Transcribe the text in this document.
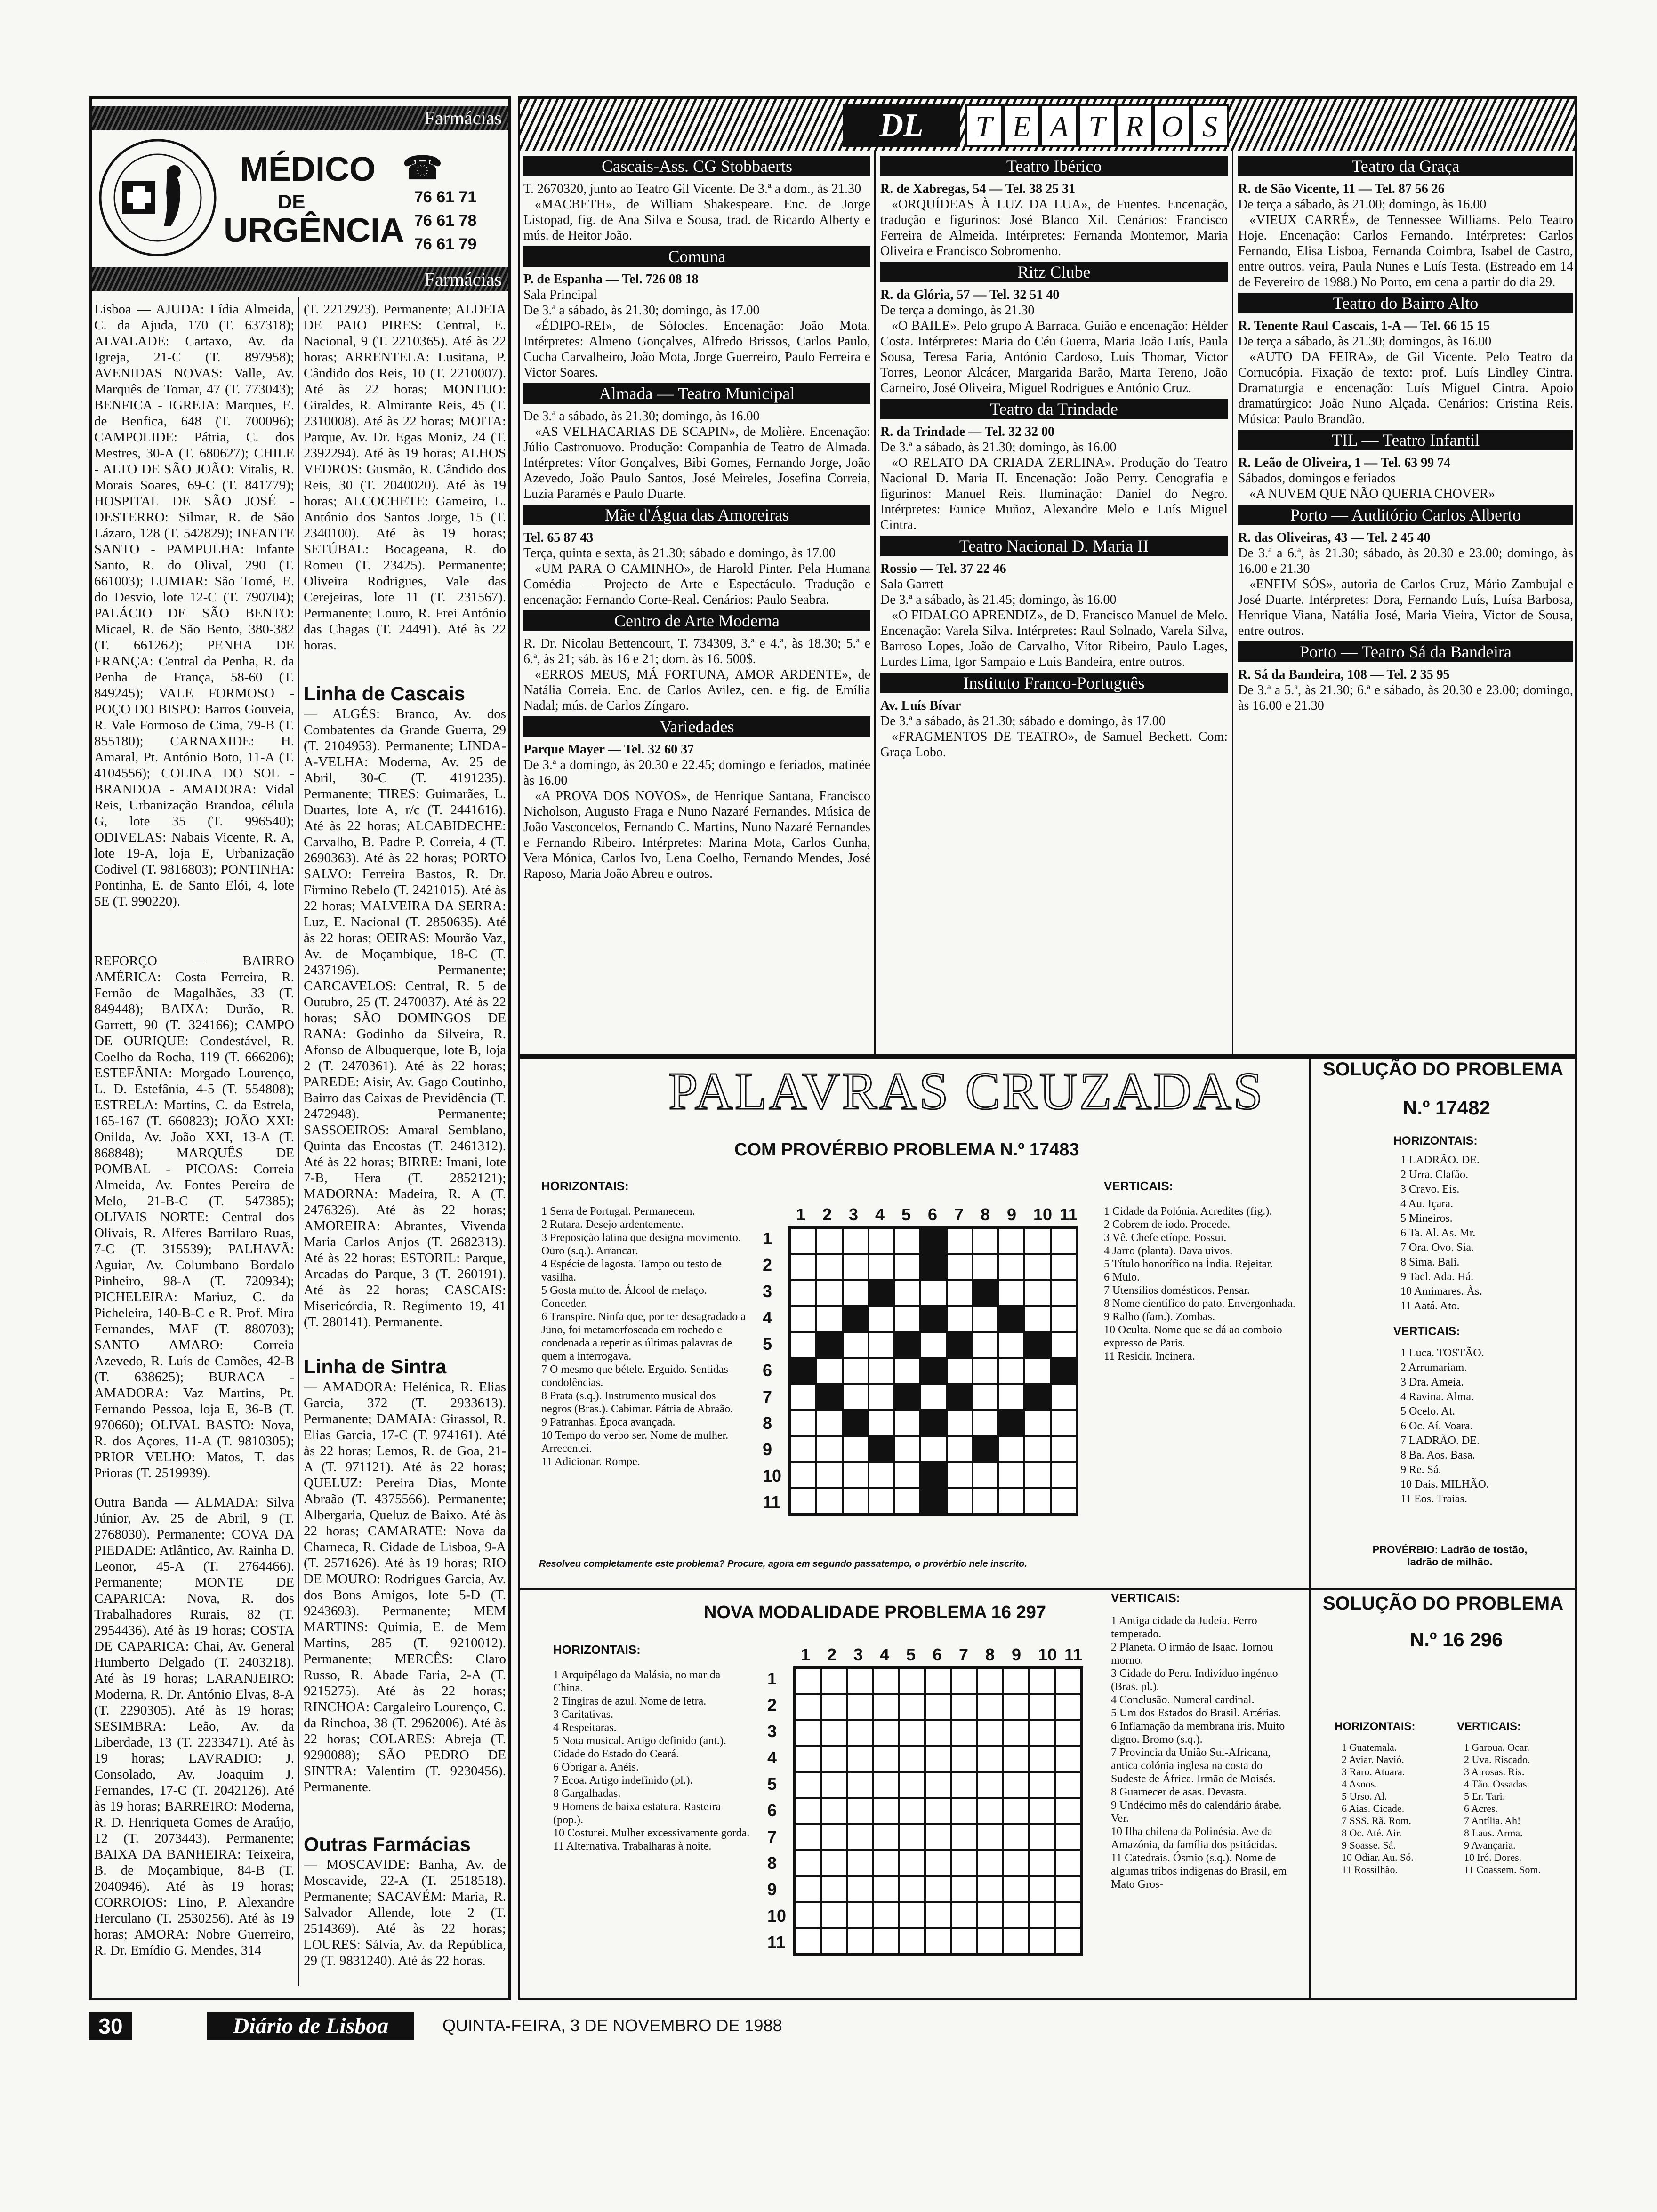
Farmácias
MÉDICO ☎
DE
URGÊNCIA
76 61 71
76 61 78
76 61 79
Farmácias
Lisboa — AJUDA: Lídia Almeida, C. da Ajuda, 170 (T. 637318); ALVALADE: Cartaxo, Av. da Igreja, 21-C (T. 897958); AVENIDAS NOVAS: Valle, Av. Marquês de Tomar, 47 (T. 773043); BENFICA - IGREJA: Marques, E. de Benfica, 648 (T. 700096); CAMPOLIDE: Pátria, C. dos Mestres, 30-A (T. 680627); CHILE - ALTO DE SÃO JOÃO: Vitalis, R. Morais Soares, 69-C (T. 841779); HOSPITAL DE SÃO JOSÉ - DESTERRO: Silmar, R. de São Lázaro, 128 (T. 542829); INFANTE SANTO - PAMPULHA: Infante Santo, R. do Olival, 290 (T. 661003); LUMIAR: São Tomé, E. do Desvio, lote 12-C (T. 790704); PALÁCIO DE SÃO BENTO: Micael, R. de São Bento, 380-382 (T. 661262); PENHA DE FRANÇA: Central da Penha, R. da Penha de França, 58-60 (T. 849245); VALE FORMOSO - POÇO DO BISPO: Barros Gouveia, R. Vale Formoso de Cima, 79-B (T. 855180); CARNAXIDE: H. Amaral, Pt. António Boto, 11-A (T. 4104556); COLINA DO SOL - BRANDOA - AMADORA: Vidal Reis, Urbanização Brandoa, célula G, lote 35 (T. 996540); ODIVELAS: Nabais Vicente, R. A, lote 19-A, loja E, Urbanização Codivel (T. 9816803); PONTINHA: Pontinha, E. de Santo Elói, 4, lote 5E (T. 990220).
REFORÇO — BAIRRO AMÉRICA: Costa Ferreira, R. Fernão de Magalhães, 33 (T. 849448); BAIXA: Durão, R. Garrett, 90 (T. 324166); CAMPO DE OURIQUE: Condestável, R. Coelho da Rocha, 119 (T. 666206); ESTEFÂNIA: Morgado Lourenço, L. D. Estefânia, 4-5 (T. 554808); ESTRELA: Martins, C. da Estrela, 165-167 (T. 660823); JOÃO XXI: Onilda, Av. João XXI, 13-A (T. 868848); MARQUÊS DE POMBAL - PICOAS: Correia Almeida, Av. Fontes Pereira de Melo, 21-B-C (T. 547385); OLIVAIS NORTE: Central dos Olivais, R. Alferes Barrilaro Ruas, 7-C (T. 315539); PALHAVÃ: Aguiar, Av. Columbano Bordalo Pinheiro, 98-A (T. 720934); PICHELEIRA: Mariuz, C. da Picheleira, 140-B-C e R. Prof. Mira Fernandes, MAF (T. 880703); SANTO AMARO: Correia Azevedo, R. Luís de Camões, 42-B (T. 638625); BURACA - AMADORA: Vaz Martins, Pt. Fernando Pessoa, loja E, 36-B (T. 970660); OLIVAL BASTO: Nova, R. dos Açores, 11-A (T. 9810305); PRIOR VELHO: Matos, T. das Prioras (T. 2519939).
Outra Banda — ALMADA: Silva Júnior, Av. 25 de Abril, 9 (T. 2768030). Permanente; COVA DA PIEDADE: Atlântico, Av. Rainha D. Leonor, 45-A (T. 2764466). Permanente; MONTE DE CAPARICA: Nova, R. dos Trabalhadores Rurais, 82 (T. 2954436). Até às 19 horas; COSTA DE CAPARICA: Chai, Av. General Humberto Delgado (T. 2403218). Até às 19 horas; LARANJEIRO: Moderna, R. Dr. António Elvas, 8-A (T. 2290305). Até às 19 horas; SESIMBRA: Leão, Av. da Liberdade, 13 (T. 2233471). Até às 19 horas; LAVRADIO: J. Consolado, Av. Joaquim J. Fernandes, 17-C (T. 2042126). Até às 19 horas; BARREIRO: Moderna, R. D. Henriqueta Gomes de Araújo, 12 (T. 2073443). Permanente; BAIXA DA BANHEIRA: Teixeira, B. de Moçambique, 84-B (T. 2040946). Até às 19 horas; CORROIOS: Lino, P. Alexandre Herculano (T. 2530256). Até às 19 horas; AMORA: Nobre Guerreiro, R. Dr. Emídio G. Mendes, 314
(T. 2212923). Permanente; ALDEIA DE PAIO PIRES: Central, E. Nacional, 9 (T. 2210365). Até às 22 horas; ARRENTELA: Lusitana, P. Cândido dos Reis, 10 (T. 2210007). Até às 22 horas; MONTIJO: Giraldes, R. Almirante Reis, 45 (T. 2310008). Até às 22 horas; MOITA: Parque, Av. Dr. Egas Moniz, 24 (T. 2392294). Até às 19 horas; ALHOS VEDROS: Gusmão, R. Cândido dos Reis, 30 (T. 2040020). Até às 19 horas; ALCOCHETE: Gameiro, L. António dos Santos Jorge, 15 (T. 2340100). Até às 19 horas; SETÚBAL: Bocageana, R. do Romeu (T. 23425). Permanente; Oliveira Rodrigues, Vale das Cerejeiras, lote 11 (T. 231567). Permanente; Louro, R. Frei António das Chagas (T. 24491). Até às 22 horas.
Linha de Cascais
— ALGÉS: Branco, Av. dos Combatentes da Grande Guerra, 29 (T. 2104953). Permanente; LINDA-A-VELHA: Moderna, Av. 25 de Abril, 30-C (T. 4191235). Permanente; TIRES: Guimarães, L. Duartes, lote A, r/c (T. 2441616). Até às 22 horas; ALCABIDECHE: Carvalho, B. Padre P. Correia, 4 (T. 2690363). Até às 22 horas; PORTO SALVO: Ferreira Bastos, R. Dr. Firmino Rebelo (T. 2421015). Até às 22 horas; MALVEIRA DA SERRA: Luz, E. Nacional (T. 2850635). Até às 22 horas; OEIRAS: Mourão Vaz, Av. de Moçambique, 18-C (T. 2437196). Permanente; CARCAVELOS: Central, R. 5 de Outubro, 25 (T. 2470037). Até às 22 horas; SÃO DOMINGOS DE RANA: Godinho da Silveira, R. Afonso de Albuquerque, lote B, loja 2 (T. 2470361). Até às 22 horas; PAREDE: Aisir, Av. Gago Coutinho, Bairro das Caixas de Previdência (T. 2472948). Permanente; SASSOEIROS: Amaral Semblano, Quinta das Encostas (T. 2461312). Até às 22 horas; BIRRE: Imani, lote 7-B, Hera (T. 2852121); MADORNA: Madeira, R. A (T. 2476326). Até às 22 horas; AMOREIRA: Abrantes, Vivenda Maria Carlos Anjos (T. 2682313). Até às 22 horas; ESTORIL: Parque, Arcadas do Parque, 3 (T. 260191). Até às 22 horas; CASCAIS: Misericórdia, R. Regimento 19, 41 (T. 280141). Permanente.
Linha de Sintra
— AMADORA: Helénica, R. Elias Garcia, 372 (T. 2933613). Permanente; DAMAIA: Girassol, R. Elias Garcia, 17-C (T. 974161). Até às 22 horas; Lemos, R. de Goa, 21-A (T. 971121). Até às 22 horas; QUELUZ: Pereira Dias, Monte Abraão (T. 4375566). Permanente; Albergaria, Queluz de Baixo. Até às 22 horas; CAMARATE: Nova da Charneca, R. Cidade de Lisboa, 9-A (T. 2571626). Até às 19 horas; RIO DE MOURO: Rodrigues Garcia, Av. dos Bons Amigos, lote 5-D (T. 9243693). Permanente; MEM MARTINS: Quimia, E. de Mem Martins, 285 (T. 9210012). Permanente; MERCÊS: Claro Russo, R. Abade Faria, 2-A (T. 9215275). Até às 22 horas; RINCHOA: Cargaleiro Lourenço, C. da Rinchoa, 38 (T. 2962006). Até às 22 horas; COLARES: Abreja (T. 9290088); SÃO PEDRO DE SINTRA: Valentim (T. 9230456). Permanente.
Outras Farmácias
— MOSCAVIDE: Banha, Av. de Moscavide, 22-A (T. 2518518). Permanente; SACAVÉM: Maria, R. Salvador Allende, lote 2 (T. 2514369). Até às 22 horas; LOURES: Sálvia, Av. da República, 29 (T. 9831240). Até às 22 horas.
DL	T E A T R O S
Cascais-Ass. CG Stobbaerts
T. 2670320, junto ao Teatro Gil Vicente. De 3.ª a dom., às 21.30
«MACBETH», de William Shakespeare. Enc. de Jorge Listopad, fig. de Ana Silva e Sousa, trad. de Ricardo Alberty e mús. de Heitor João.
Comuna
P. de Espanha — Tel. 726 08 18
Sala Principal
De 3.ª a sábado, às 21.30; domingo, às 17.00
«ÉDIPO-REI», de Sófocles. Encenação: João Mota. Intérpretes: Almeno Gonçalves, Alfredo Brissos, Carlos Paulo, Cucha Carvalheiro, João Mota, Jorge Guerreiro, Paulo Ferreira e Victor Soares.
Almada — Teatro Municipal
De 3.ª a sábado, às 21.30; domingo, às 16.00
«AS VELHACARIAS DE SCAPIN», de Molière. Encenação: Júlio Castronuovo. Produção: Companhia de Teatro de Almada. Intérpretes: Vítor Gonçalves, Bibi Gomes, Fernando Jorge, João Azevedo, João Paulo Santos, José Meireles, Josefina Correia, Luzia Paramés e Paulo Duarte.
Mãe d'Água das Amoreiras
Tel. 65 87 43
Terça, quinta e sexta, às 21.30; sábado e domingo, às 17.00
«UM PARA O CAMINHO», de Harold Pinter. Pela Humana Comédia — Projecto de Arte e Espectáculo. Tradução e encenação: Fernando Corte-Real. Cenários: Paulo Seabra.
Centro de Arte Moderna
R. Dr. Nicolau Bettencourt, T. 734309, 3.ª e 4.ª, às 18.30; 5.ª e 6.ª, às 21; sáb. às 16 e 21; dom. às 16. 500$.
«ERROS MEUS, MÁ FORTUNA, AMOR ARDENTE», de Natália Correia. Enc. de Carlos Avilez, cen. e fig. de Emília Nadal; mús. de Carlos Zíngaro.
Variedades
Parque Mayer — Tel. 32 60 37
De 3.ª a domingo, às 20.30 e 22.45; domingo e feriados, matinée às 16.00
«A PROVA DOS NOVOS», de Henrique Santana, Francisco Nicholson, Augusto Fraga e Nuno Nazaré Fernandes. Música de João Vasconcelos, Fernando C. Martins, Nuno Nazaré Fernandes e Fernando Ribeiro. Intérpretes: Marina Mota, Carlos Cunha, Vera Mónica, Carlos Ivo, Lena Coelho, Fernando Mendes, José Raposo, Maria João Abreu e outros.
Teatro Ibérico
R. de Xabregas, 54 — Tel. 38 25 31
«ORQUÍDEAS À LUZ DA LUA», de Fuentes. Encenação, tradução e figurinos: José Blanco Xil. Cenários: Francisco Ferreira de Almeida. Intérpretes: Fernanda Montemor, Maria Oliveira e Francisco Sobromenho.
Ritz Clube
R. da Glória, 57 — Tel. 32 51 40
De terça a domingo, às 21.30
«O BAILE». Pelo grupo A Barraca. Guião e encenação: Hélder Costa. Intérpretes: Maria do Céu Guerra, Maria João Luís, Paula Sousa, Teresa Faria, António Cardoso, Luís Thomar, Victor Torres, Leonor Alcácer, Margarida Barão, Marta Tereno, João Carneiro, José Oliveira, Miguel Rodrigues e António Cruz.
Teatro da Trindade
R. da Trindade — Tel. 32 32 00
De 3.ª a sábado, às 21.30; domingo, às 16.00
«O RELATO DA CRIADA ZERLINA». Produção do Teatro Nacional D. Maria II. Encenação: João Perry. Cenografia e figurinos: Manuel Reis. Iluminação: Daniel do Negro. Intérpretes: Eunice Muñoz, Alexandre Melo e Luís Miguel Cintra.
Teatro Nacional D. Maria II
Rossio — Tel. 37 22 46
Sala Garrett
De 3.ª a sábado, às 21.45; domingo, às 16.00
«O FIDALGO APRENDIZ», de D. Francisco Manuel de Melo. Encenação: Varela Silva. Intérpretes: Raul Solnado, Varela Silva, Barroso Lopes, João de Carvalho, Vítor Ribeiro, Paulo Lages, Lurdes Lima, Igor Sampaio e Luís Bandeira, entre outros.
Instituto Franco-Português
Av. Luís Bívar
De 3.ª a sábado, às 21.30; sábado e domingo, às 17.00
«FRAGMENTOS DE TEATRO», de Samuel Beckett. Com: Graça Lobo.
Teatro da Graça
R. de São Vicente, 11 — Tel. 87 56 26
De terça a sábado, às 21.00; domingo, às 16.00
«VIEUX CARRÉ», de Tennessee Williams. Pelo Teatro Hoje. Encenação: Carlos Fernando. Intérpretes: Carlos Fernando, Elisa Lisboa, Fernanda Coimbra, Isabel de Castro, entre outros. veira, Paula Nunes e Luís Testa. (Estreado em 14 de Fevereiro de 1988.) No Porto, em cena a partir do dia 29.
Teatro do Bairro Alto
R. Tenente Raul Cascais, 1-A — Tel. 66 15 15
De terça a sábado, às 21.30; domingos, às 16.00
«AUTO DA FEIRA», de Gil Vicente. Pelo Teatro da Cornucópia. Fixação de texto: prof. Luís Lindley Cintra. Dramaturgia e encenação: Luís Miguel Cintra. Apoio dramatúrgico: João Nuno Alçada. Cenários: Cristina Reis. Música: Paulo Brandão.
TIL — Teatro Infantil
R. Leão de Oliveira, 1 — Tel. 63 99 74
Sábados, domingos e feriados
«A NUVEM QUE NÃO QUERIA CHOVER»
Porto — Auditório Carlos Alberto
R. das Oliveiras, 43 — Tel. 2 45 40
De 3.ª a 6.ª, às 21.30; sábado, às 20.30 e 23.00; domingo, às 16.00 e 21.30
«ENFIM SÓS», autoria de Carlos Cruz, Mário Zambujal e José Duarte. Intérpretes: Dora, Fernando Luís, Luísa Barbosa, Henrique Viana, Natália José, Maria Vieira, Victor de Sousa, entre outros.
Porto — Teatro Sá da Bandeira
R. Sá da Bandeira, 108 — Tel. 2 35 95
De 3.ª a 5.ª, às 21.30; 6.ª e sábado, às 20.30 e 23.00; domingo, às 16.00 e 21.30
PALAVRAS CRUZADAS
COM PROVÉRBIO PROBLEMA N.º 17483
HORIZONTAIS:
1 Serra de Portugal. Permanecem.
2 Rutara. Desejo ardentemente.
3 Preposição latina que designa movimento. Ouro (s.q.). Arrancar.
4 Espécie de lagosta. Tampo ou testo de vasilha.
5 Gosta muito de. Álcool de melaço. Conceder.
6 Transpire. Ninfa que, por ter desagradado a Juno, foi metamorfoseada em rochedo e condenada a repetir as últimas palavras de quem a interrogava.
7 O mesmo que bétele. Erguido. Sentidas condolências.
8 Prata (s.q.). Instrumento musical dos negros (Bras.). Cabimar. Pátria de Abraão.
9 Patranhas. Época avançada.
10 Tempo do verbo ser. Nome de mulher. Arrecenteí.
11 Adicionar. Rompe.
VERTICAIS:
1 Cidade da Polónia. Acredites (fig.).
2 Cobrem de iodo. Procede.
3 Vê. Chefe etíope. Possui.
4 Jarro (planta). Dava uivos.
5 Título honorífico na Índia. Rejeitar.
6 Mulo.
7 Utensílios domésticos. Pensar.
8 Nome científico do pato. Envergonhada.
9 Ralho (fam.). Zombas.
10 Oculta. Nome que se dá ao comboio expresso de Paris.
11 Residir. Incinera.
1
1
2
2
3
3
4
4
5
5
6
6
7
7
8
8
9
9
10
10
11
11
Resolveu completamente este problema? Procure, agora em segundo passatempo, o provérbio nele inscrito.
SOLUÇÃO DO PROBLEMA
N.º 17482
HORIZONTAIS:
1 LADRÃO. DE.
2 Urra. Clafão.
3 Cravo. Eis.
4 Au. Içara.
5 Mineiros.
6 Ta. Al. As. Mr.
7 Ora. Ovo. Sia.
8 Sima. Bali.
9 Tael. Ada. Há.
10 Amimares. Às.
11 Aatá. Ato.
VERTICAIS:
1 Luca. TOSTÃO.
2 Arrumariam.
3 Dra. Ameia.
4 Ravina. Alma.
5 Ocelo. At.
6 Oc. Aí. Voara.
7 LADRÃO. DE.
8 Ba. Aos. Basa.
9 Re. Sá.
10 Dais. MILHÃO.
11 Eos. Traias.
PROVÉRBIO: Ladrão de tostão, ladrão de milhão.
NOVA MODALIDADE PROBLEMA 16 297
HORIZONTAIS:
1 Arquipélago da Malásia, no mar da China.
2 Tingiras de azul. Nome de letra.
3 Caritativas.
4 Respeitaras.
5 Nota musical. Artigo definido (ant.). Cidade do Estado do Ceará.
6 Obrigar a. Anéis.
7 Ecoa. Artigo indefinido (pl.).
8 Gargalhadas.
9 Homens de baixa estatura. Rasteira (pop.).
10 Costurei. Mulher excessivamente gorda.
11 Alternativa. Trabalharas à noite.
VERTICAIS:
1 Antiga cidade da Judeia. Ferro temperado.
2 Planeta. O irmão de Isaac. Tornou morno.
3 Cidade do Peru. Indivíduo ingénuo (Bras. pl.).
4 Conclusão. Numeral cardinal.
5 Um dos Estados do Brasil. Artérias.
6 Inflamação da membrana íris. Muito digno. Bromo (s.q.).
7 Província da União Sul-Africana, antica colónia inglesa na costa do Sudeste de África. Irmão de Moisés.
8 Guarnecer de asas. Devasta.
9 Undécimo mês do calendário árabe. Ver.
10 Ilha chilena da Polinésia. Ave da Amazónia, da família dos psitácidas.
11 Catedrais. Ósmio (s.q.). Nome de algumas tribos indígenas do Brasil, em Mato Gros-
1
1
2
2
3
3
4
4
5
5
6
6
7
7
8
8
9
9
10
10
11
11
SOLUÇÃO DO PROBLEMA
N.º 16 296
HORIZONTAIS:
1 Guatemala.
2 Aviar. Navió.
3 Raro. Atuara.
4 Asnos.
5 Urso. Al.
6 Aias. Cicade.
7 SSS. Rã. Rom.
8 Oc. Até. Air.
9 Soasse. Sá.
10 Odiar. Au. Só.
11 Rossilhão.
VERTICAIS:
1 Garoua. Ocar.
2 Uva. Riscado.
3 Airosas. Ris.
4 Tão. Ossadas.
5 Er. Tari.
6 Acres.
7 Antília. Ah!
8 Laus. Arma.
9 Avançaria.
10 Iró. Dores.
11 Coassem. Som.
30	Diário de Lisboa	QUINTA-FEIRA, 3 DE NOVEMBRO DE 1988
